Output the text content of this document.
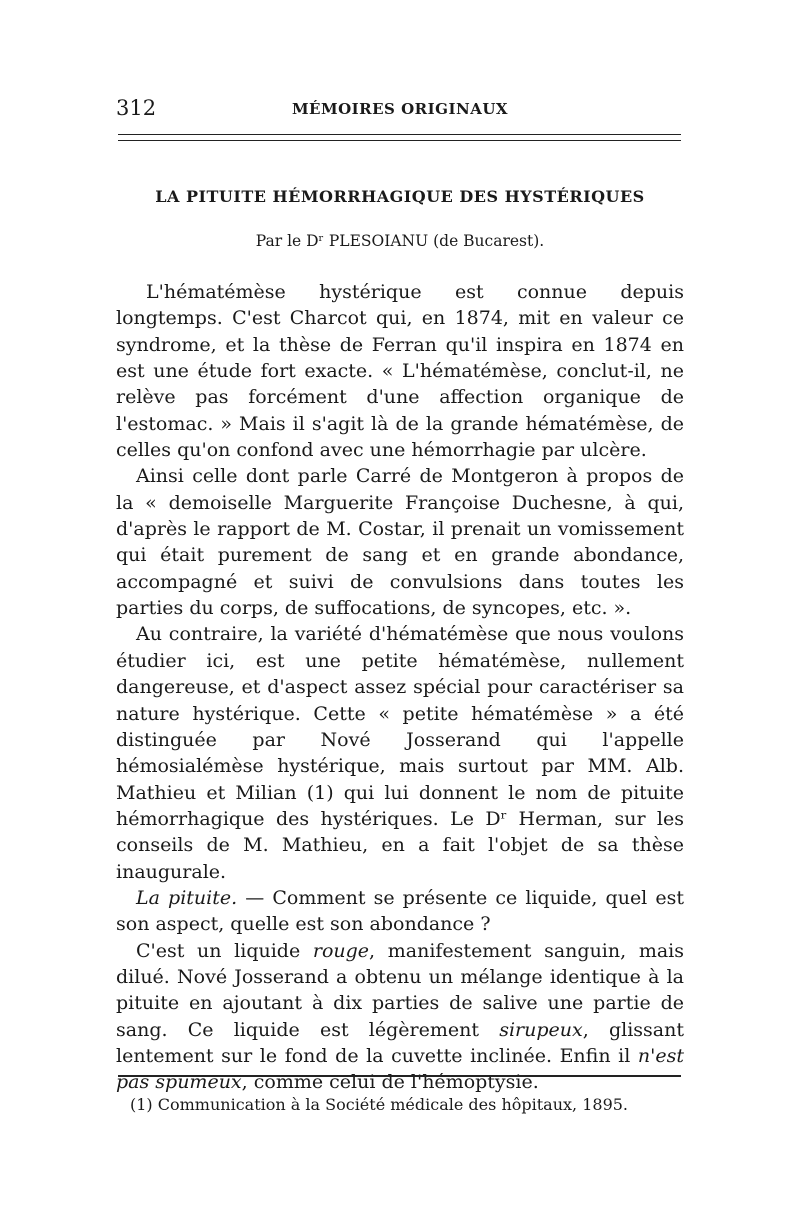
312	MÉMOIRES ORIGINAUX
LA PITUITE HÉMORRHAGIQUE DES HYSTÉRIQUES
Par le Dʳ PLESOIANU (de Bucarest).

L'hématémèse hystérique est connue depuis longtemps. C'est Charcot qui, en 1874, mit en valeur ce syndrome, et la thèse de Ferran qu'il inspira en 1874 en est une étude fort exacte. « L'hématémèse, conclut-il, ne relève pas forcément d'une affection organique de l'estomac. » Mais il s'agit là de la grande hématémèse, de celles qu'on confond avec une hémorrhagie par ulcère.

Ainsi celle dont parle Carré de Montgeron à propos de la « demoiselle Marguerite Françoise Duchesne, à qui, d'après le rapport de M. Costar, il prenait un vomissement qui était purement de sang et en grande abondance, accompagné et suivi de convulsions dans toutes les parties du corps, de suffocations, de syncopes, etc. ».

Au contraire, la variété d'hématémèse que nous voulons étudier ici, est une petite hématémèse, nullement dangereuse, et d'aspect assez spécial pour caractériser sa nature hystérique. Cette « petite hématémèse » a été distinguée par Nové Josserand qui l'appelle hémosialémèse hystérique, mais surtout par MM. Alb. Mathieu et Milian (1) qui lui donnent le nom de pituite hémorrhagique des hystériques. Le Dʳ Herman, sur les conseils de M. Mathieu, en a fait l'objet de sa thèse inaugurale.

La pituite. — Comment se présente ce liquide, quel est son aspect, quelle est son abondance ?

C'est un liquide rouge, manifestement sanguin, mais dilué. Nové Josserand a obtenu un mélange identique à la pituite en ajoutant à dix parties de salive une partie de sang. Ce liquide est légèrement sirupeux, glissant lentement sur le fond de la cuvette inclinée. Enfin il n'est pas spumeux, comme celui de l'hémoptysie.

(1) Communication à la Société médicale des hôpitaux, 1895.
